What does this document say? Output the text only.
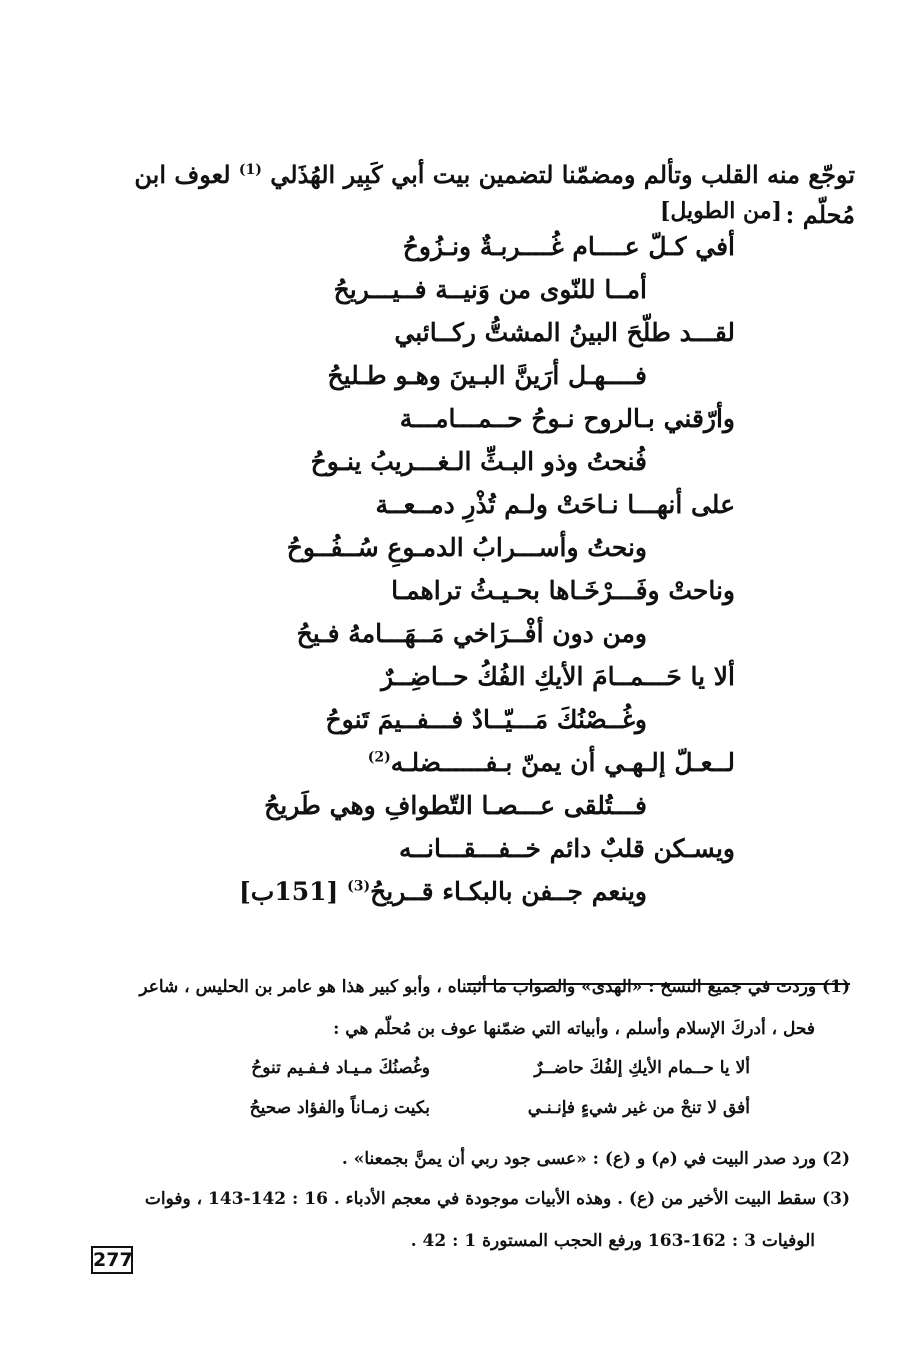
توجّع منه القلب وتألم ومضمّنا لتضمين بيت أبي كَبِير الهُذَلي $^{(1)}$ لعوف ابن مُحلّم :
[من الطويل]
أفي كـلّ عــــام غُــــربـةٌ ونـزُوحُ
أمــا للنّوى من وَنيــة فــيـــريحُ
لقـــد طلّحَ البينُ المشتُّ ركــائبي
فــــهـل أرَينَّ البـينَ وهـو طـليحُ
وأرّقني بـالروح نـوحُ حــمـــامـــة
فُنحتُ وذو البـثِّ الـغـــريبُ ينـوحُ
على أنهـــا نـاحَتْ ولـم تُذْرِ دمــعــة
ونحتُ وأســـرابُ الدمـوعِ سُــفُــوحُ
وناحتْ وفَـــرْخَـاها بحـيـثُ تراهمـا
ومن دون أفْــرَاخي مَــهَـــامهُ فـيحُ
ألا يا حَـــمــامَ الأيكِ الفُكُ حــاضِــرٌ
وغُــصْنُكَ مَـــيّــادٌ فـــفــيمَ تَنوحُ
لــعـلّ إلـهـي أن يمنّ بـفــــــضلـه$^{(2)}$
فـــتُلقى عـــصـا التّطوافِ وهي طَريحُ
ويسـكن قلبٌ دائم خــفـــقـــانــه
وينعم جــفن بالبكـاء قــريحُ$^{(3)}$ [151ب]
(1) وردت في جميع النسخ : «الهدى» والصواب ما أثبتناه ، وأبو كبير هذا هو عامر بن الحليس ، شاعر
فحل ، أدركَ الإسلام وأسلم ، وأبياته التي ضمّنها عوف بن مُحلّم هي :
ألا يا حــمام الأيكِ إلفُكَ حاضــرٌ
وغُصنُكَ مـيـاد فـفـيم تنوحُ
أفق لا تنحْ من غير شيءٍ فإنـنـي
بكيت زمـاناً والفؤاد صحيحُ
(2) ورد صدر البيت في (م) و (ع) : «عسى جود ربي أن يمنَّ بجمعنا» .
(3) سقط البيت الأخير من (ع) . وهذه الأبيات موجودة في معجم الأدباء . 16 : 142-143 ، وفوات
الوفيات 3 : 162-163 ورفع الحجب المستورة 1 : 42 .
277
